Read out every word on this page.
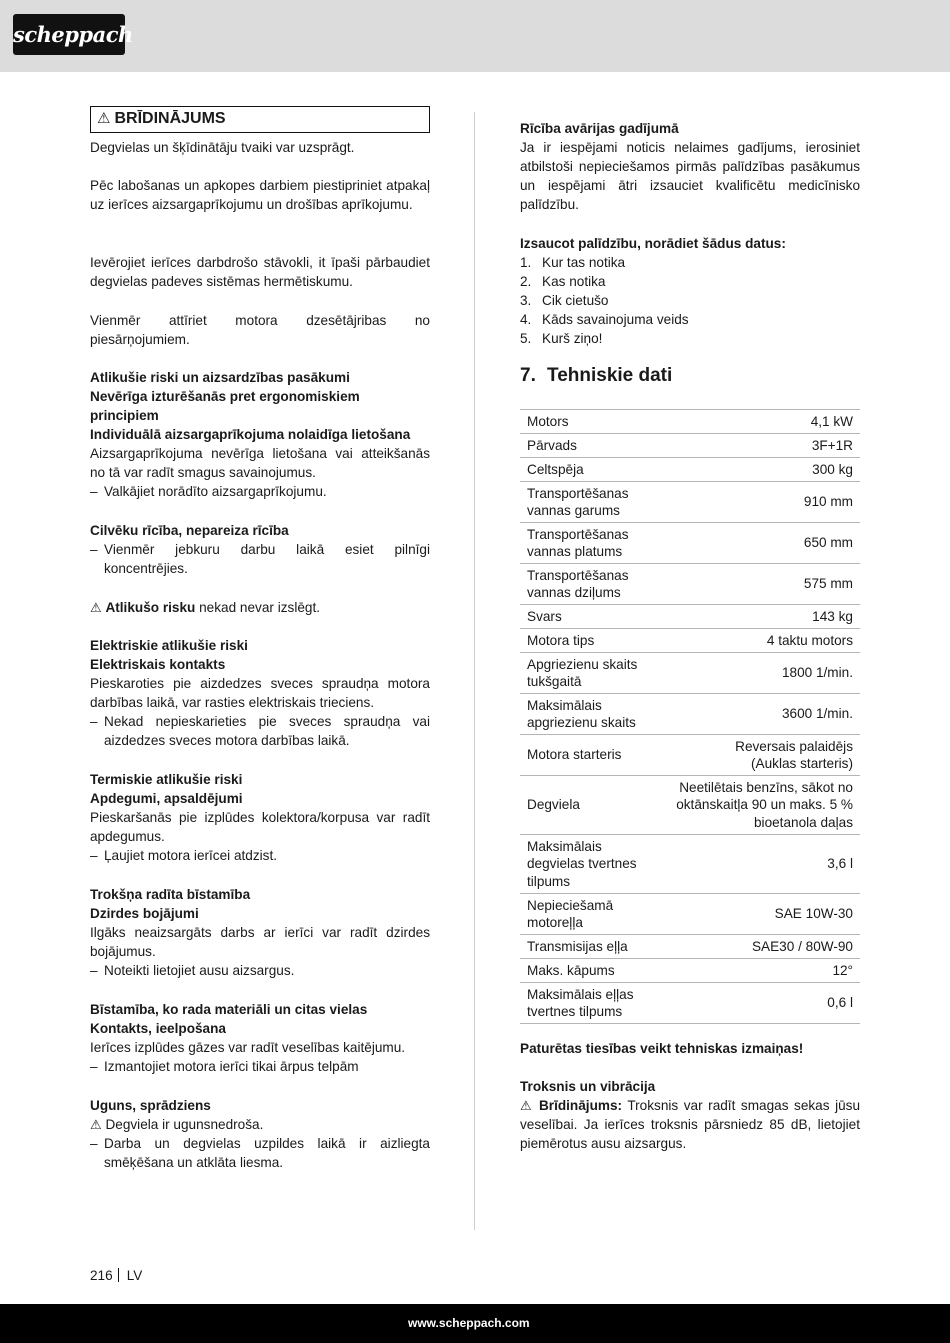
scheppach
⚠ BRĪDINĀJUMS

Degvielas un šķīdinātāju tvaiki var uzsprāgt.

Pēc labošanas un apkopes darbiem piestipriniet atpakaļ uz ierīces aizsargaprīkojumu un drošības aprīkojumu.

Ievērojiet ierīces darbdrošo stāvokli, it īpaši pārbaudiet degvielas padeves sistēmas hermētiskumu.

Vienmēr attīriet motora dzesētājribas no piesārņojumiem.

Atlikušie riski un aizsardzības pasākumi

Nevērīga izturēšanās pret ergonomiskiem principiem

Individuālā aizsargaprīkojuma nolaidīga lietošana

Aizsargaprīkojuma nevērīga lietošana vai atteikšanās no tā var radīt smagus savainojumus.

– Valkājiet norādīto aizsargaprīkojumu.

Cilvēku rīcība, nepareiza rīcība

– Vienmēr jebkuru darbu laikā esiet pilnīgi koncentrējies.

⚠ Atlikušo risku nekad nevar izslēgt.

Elektriskie atlikušie riski

Elektriskais kontakts

Pieskaroties pie aizdedzes sveces spraudņa motora darbības laikā, var rasties elektriskais trieciens.

– Nekad nepieskarieties pie sveces spraudņa vai aizdedzes sveces motora darbības laikā.

Termiskie atlikušie riski

Apdegumi, apsaldējumi

Pieskaršanās pie izplūdes kolektora/korpusa var radīt apdegumus.

– Ļaujiet motora ierīcei atdzist.

Trokšņa radīta bīstamība

Dzirdes bojājumi

Ilgāks neaizsargāts darbs ar ierīci var radīt dzirdes bojājumus.

– Noteikti lietojiet ausu aizsargus.

Bīstamība, ko rada materiāli un citas vielas

Kontakts, ieelpošana

Ierīces izplūdes gāzes var radīt veselības kaitējumu.

– Izmantojiet motora ierīci tikai ārpus telpām

Uguns, sprādziens

⚠ Degviela ir ugunsnedroša.

– Darba un degvielas uzpildes laikā ir aizliegta smēķēšana un atklāta liesma.

Rīcība avārijas gadījumā

Ja ir iespējami noticis nelaimes gadījums, ierosiniet atbilstoši nepieciešamos pirmās palīdzības pasākumus un iespējami ātri izsauciet kvalificētu medicīnisko palīdzību.

Izsaucot palīdzību, norādiet šādus datus:

1. Kur tas notika
2. Kas notika
3. Cik cietušo
4. Kāds savainojuma veids
5. Kurš ziņo!
7. Tehniskie dati
Motors	4,1 kW
Pārvads	3F+1R
Celtspēja	300 kg
Transportēšanas vannas garums	910 mm
Transportēšanas vannas platums	650 mm
Transportēšanas vannas dziļums	575 mm
Svars	143 kg
Motora tips	4 taktu motors
Apgriezienu skaits tukšgaitā	1800 1/min.
Maksimālais apgriezienu skaits	3600 1/min.
Motora starteris	Reversais palaidējs (Auklas starteris)
Degviela	Neetilētais benzīns, sākot no oktānskaitļa 90 un maks. 5 % bioetanola daļas
Maksimālais degvielas tvertnes tilpums	3,6 l
Nepieciešamā motoreļļa	SAE 10W-30
Transmisijas eļļa	SAE30 / 80W-90
Maks. kāpums	12°
Maksimālais eļļas tvertnes tilpums	0,6 l

Paturētas tiesības veikt tehniskas izmaiņas!

Troksnis un vibrācija

⚠ Brīdinājums: Troksnis var radīt smagas sekas jūsu veselībai. Ja ierīces troksnis pārsniedz 85 dB, lietojiet piemērotus ausu aizsargus.

216 LV
www.scheppach.com
